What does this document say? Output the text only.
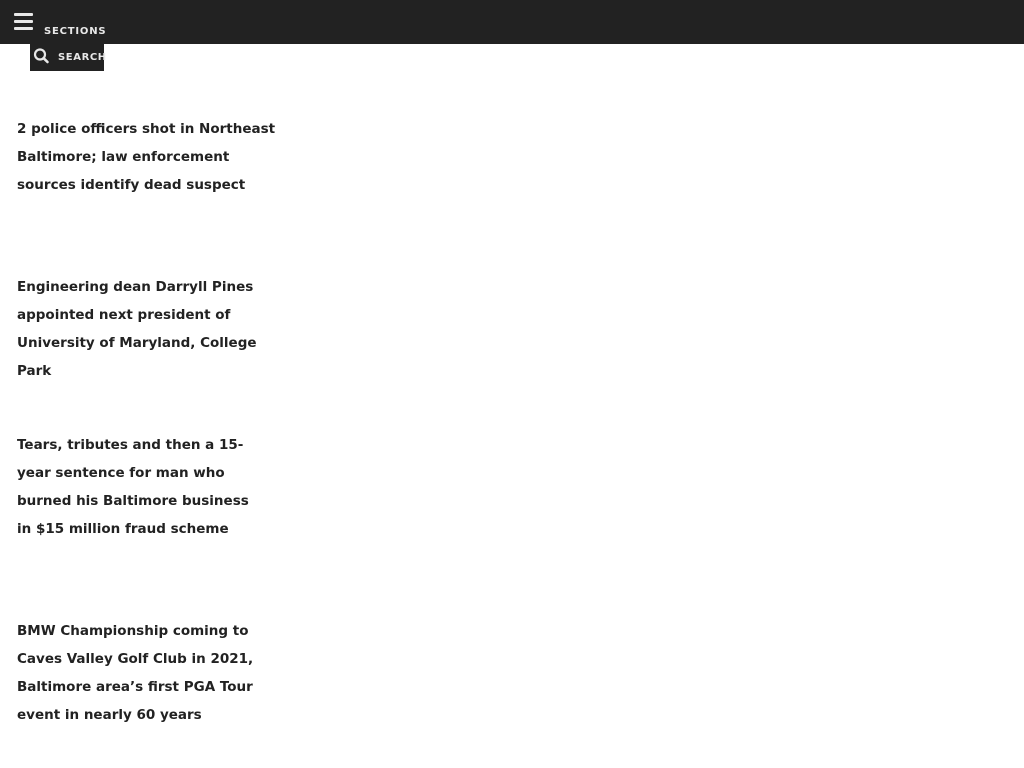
SECTIONS
SEARCH
2 police officers shot in Northeast Baltimore; law enforcement sources identify dead suspect
Engineering dean Darryll Pines appointed next president of University of Maryland, College Park
Tears, tributes and then a 15-year sentence for man who burned his Baltimore business in $15 million fraud scheme
BMW Championship coming to Caves Valley Golf Club in 2021, Baltimore area’s first PGA Tour event in nearly 60 years
